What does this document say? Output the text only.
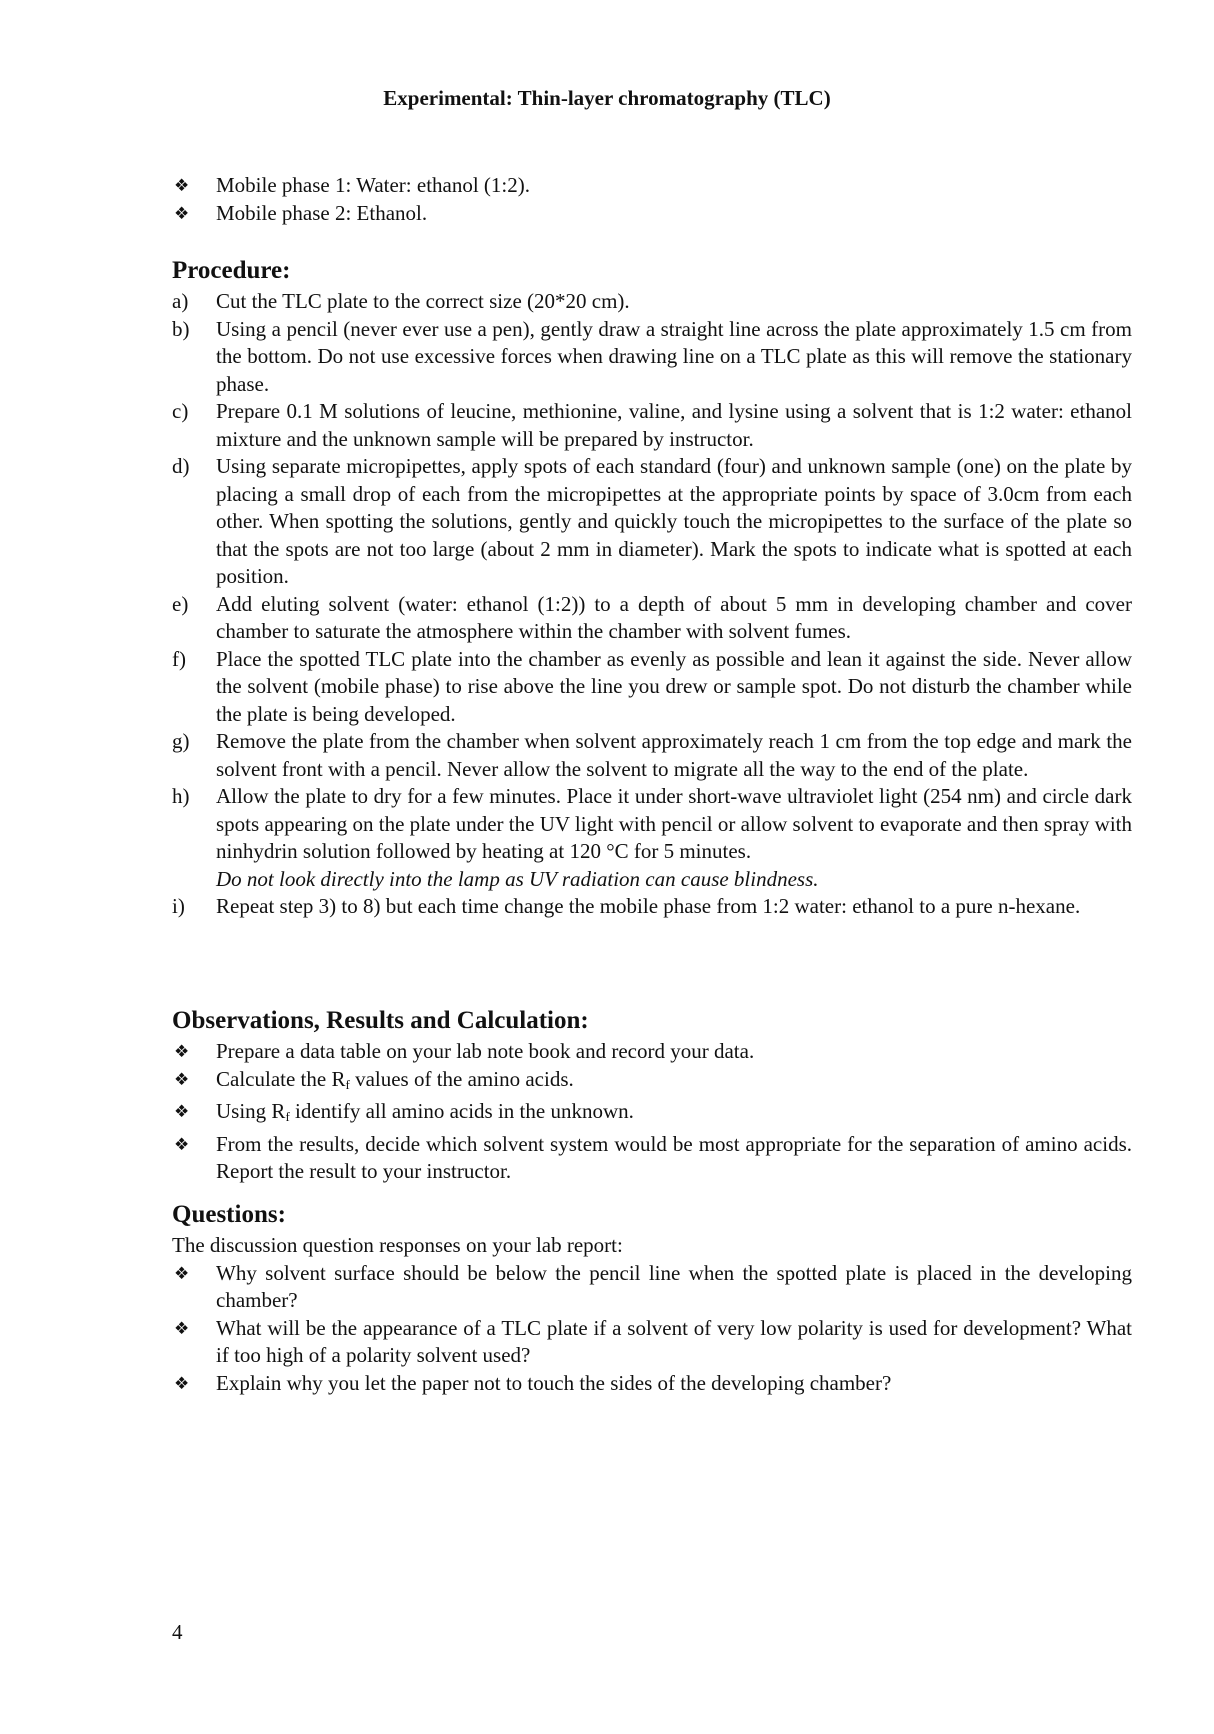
Experimental: Thin-layer chromatography (TLC)
❖ Mobile phase 1: Water: ethanol (1:2).
❖ Mobile phase 2: Ethanol.
Procedure:
a) Cut the TLC plate to the correct size (20*20 cm).
b) Using a pencil (never ever use a pen), gently draw a straight line across the plate approximately 1.5 cm from the bottom. Do not use excessive forces when drawing line on a TLC plate as this will remove the stationary phase.
c) Prepare 0.1 M solutions of leucine, methionine, valine, and lysine using a solvent that is 1:2 water: ethanol mixture and the unknown sample will be prepared by instructor.
d) Using separate micropipettes, apply spots of each standard (four) and unknown sample (one) on the plate by placing a small drop of each from the micropipettes at the appropriate points by space of 3.0cm from each other. When spotting the solutions, gently and quickly touch the micropipettes to the surface of the plate so that the spots are not too large (about 2 mm in diameter). Mark the spots to indicate what is spotted at each position.
e) Add eluting solvent (water: ethanol (1:2)) to a depth of about 5 mm in developing chamber and cover chamber to saturate the atmosphere within the chamber with solvent fumes.
f) Place the spotted TLC plate into the chamber as evenly as possible and lean it against the side. Never allow the solvent (mobile phase) to rise above the line you drew or sample spot. Do not disturb the chamber while the plate is being developed.
g) Remove the plate from the chamber when solvent approximately reach 1 cm from the top edge and mark the solvent front with a pencil. Never allow the solvent to migrate all the way to the end of the plate.
h) Allow the plate to dry for a few minutes. Place it under short-wave ultraviolet light (254 nm) and circle dark spots appearing on the plate under the UV light with pencil or allow solvent to evaporate and then spray with ninhydrin solution followed by heating at 120 °C for 5 minutes.
Do not look directly into the lamp as UV radiation can cause blindness.
i) Repeat step 3) to 8) but each time change the mobile phase from 1:2 water: ethanol to a pure n-hexane.
Observations, Results and Calculation:
❖ Prepare a data table on your lab note book and record your data.
❖ Calculate the $R_f$ values of the amino acids.
❖ Using $R_f$ identify all amino acids in the unknown.
❖ From the results, decide which solvent system would be most appropriate for the separation of amino acids. Report the result to your instructor.
Questions:
The discussion question responses on your lab report:
❖ Why solvent surface should be below the pencil line when the spotted plate is placed in the developing chamber?
❖ What will be the appearance of a TLC plate if a solvent of very low polarity is used for development? What if too high of a polarity solvent used?
❖ Explain why you let the paper not to touch the sides of the developing chamber?
4
